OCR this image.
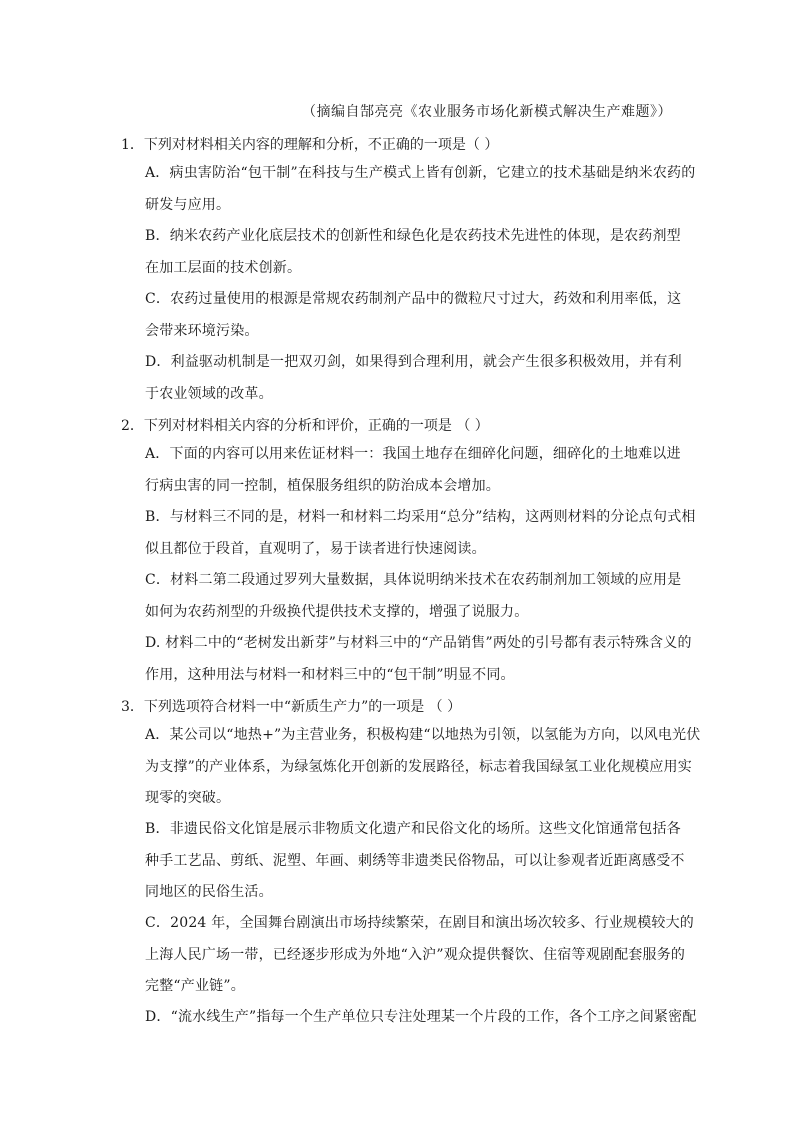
（摘编自郜亮亮《农业服务市场化新模式解决生产难题》）
1．下列对材料相关内容的理解和分析，不正确的一项是（ ）
A．病虫害防治“包干制”在科技与生产模式上皆有创新，它建立的技术基础是纳米农药的
研发与应用。
B．纳米农药产业化底层技术的创新性和绿色化是农药技术先进性的体现，是农药剂型
在加工层面的技术创新。
C．农药过量使用的根源是常规农药制剂产品中的微粒尺寸过大，药效和利用率低，这
会带来环境污染。
D．利益驱动机制是一把双刃剑，如果得到合理利用，就会产生很多积极效用，并有利
于农业领域的改革。
2．下列对材料相关内容的分析和评价，正确的一项是 （ ）
A．下面的内容可以用来佐证材料一：我国土地存在细碎化问题，细碎化的土地难以进
行病虫害的同一控制，植保服务组织的防治成本会增加。
B．与材料三不同的是，材料一和材料二均采用“总分”结构，这两则材料的分论点句式相
似且都位于段首，直观明了，易于读者进行快速阅读。
C．材料二第二段通过罗列大量数据，具体说明纳米技术在农药制剂加工领域的应用是
如何为农药剂型的升级换代提供技术支撑的，增强了说服力。
D. 材料二中的“老树发出新芽”与材料三中的“产品销售”两处的引号都有表示特殊含义的
作用，这种用法与材料一和材料三中的“包干制”明显不同。
3．下列选项符合材料一中“新质生产力”的一项是 （ ）
A．某公司以“地热+”为主营业务，积极构建“以地热为引领，以氢能为方向，以风电光伏
为支撑”的产业体系，为绿氢炼化开创新的发展路径，标志着我国绿氢工业化规模应用实
现零的突破。
B．非遗民俗文化馆是展示非物质文化遗产和民俗文化的场所。这些文化馆通常包括各
种手工艺品、剪纸、泥塑、年画、刺绣等非遗类民俗物品，可以让参观者近距离感受不
同地区的民俗生活。
C．2024 年，全国舞台剧演出市场持续繁荣，在剧目和演出场次较多、行业规模较大的
上海人民广场一带，已经逐步形成为外地“入沪”观众提供餐饮、住宿等观剧配套服务的
完整“产业链”。
D．“流水线生产”指每一个生产单位只专注处理某一个片段的工作，各个工序之间紧密配
